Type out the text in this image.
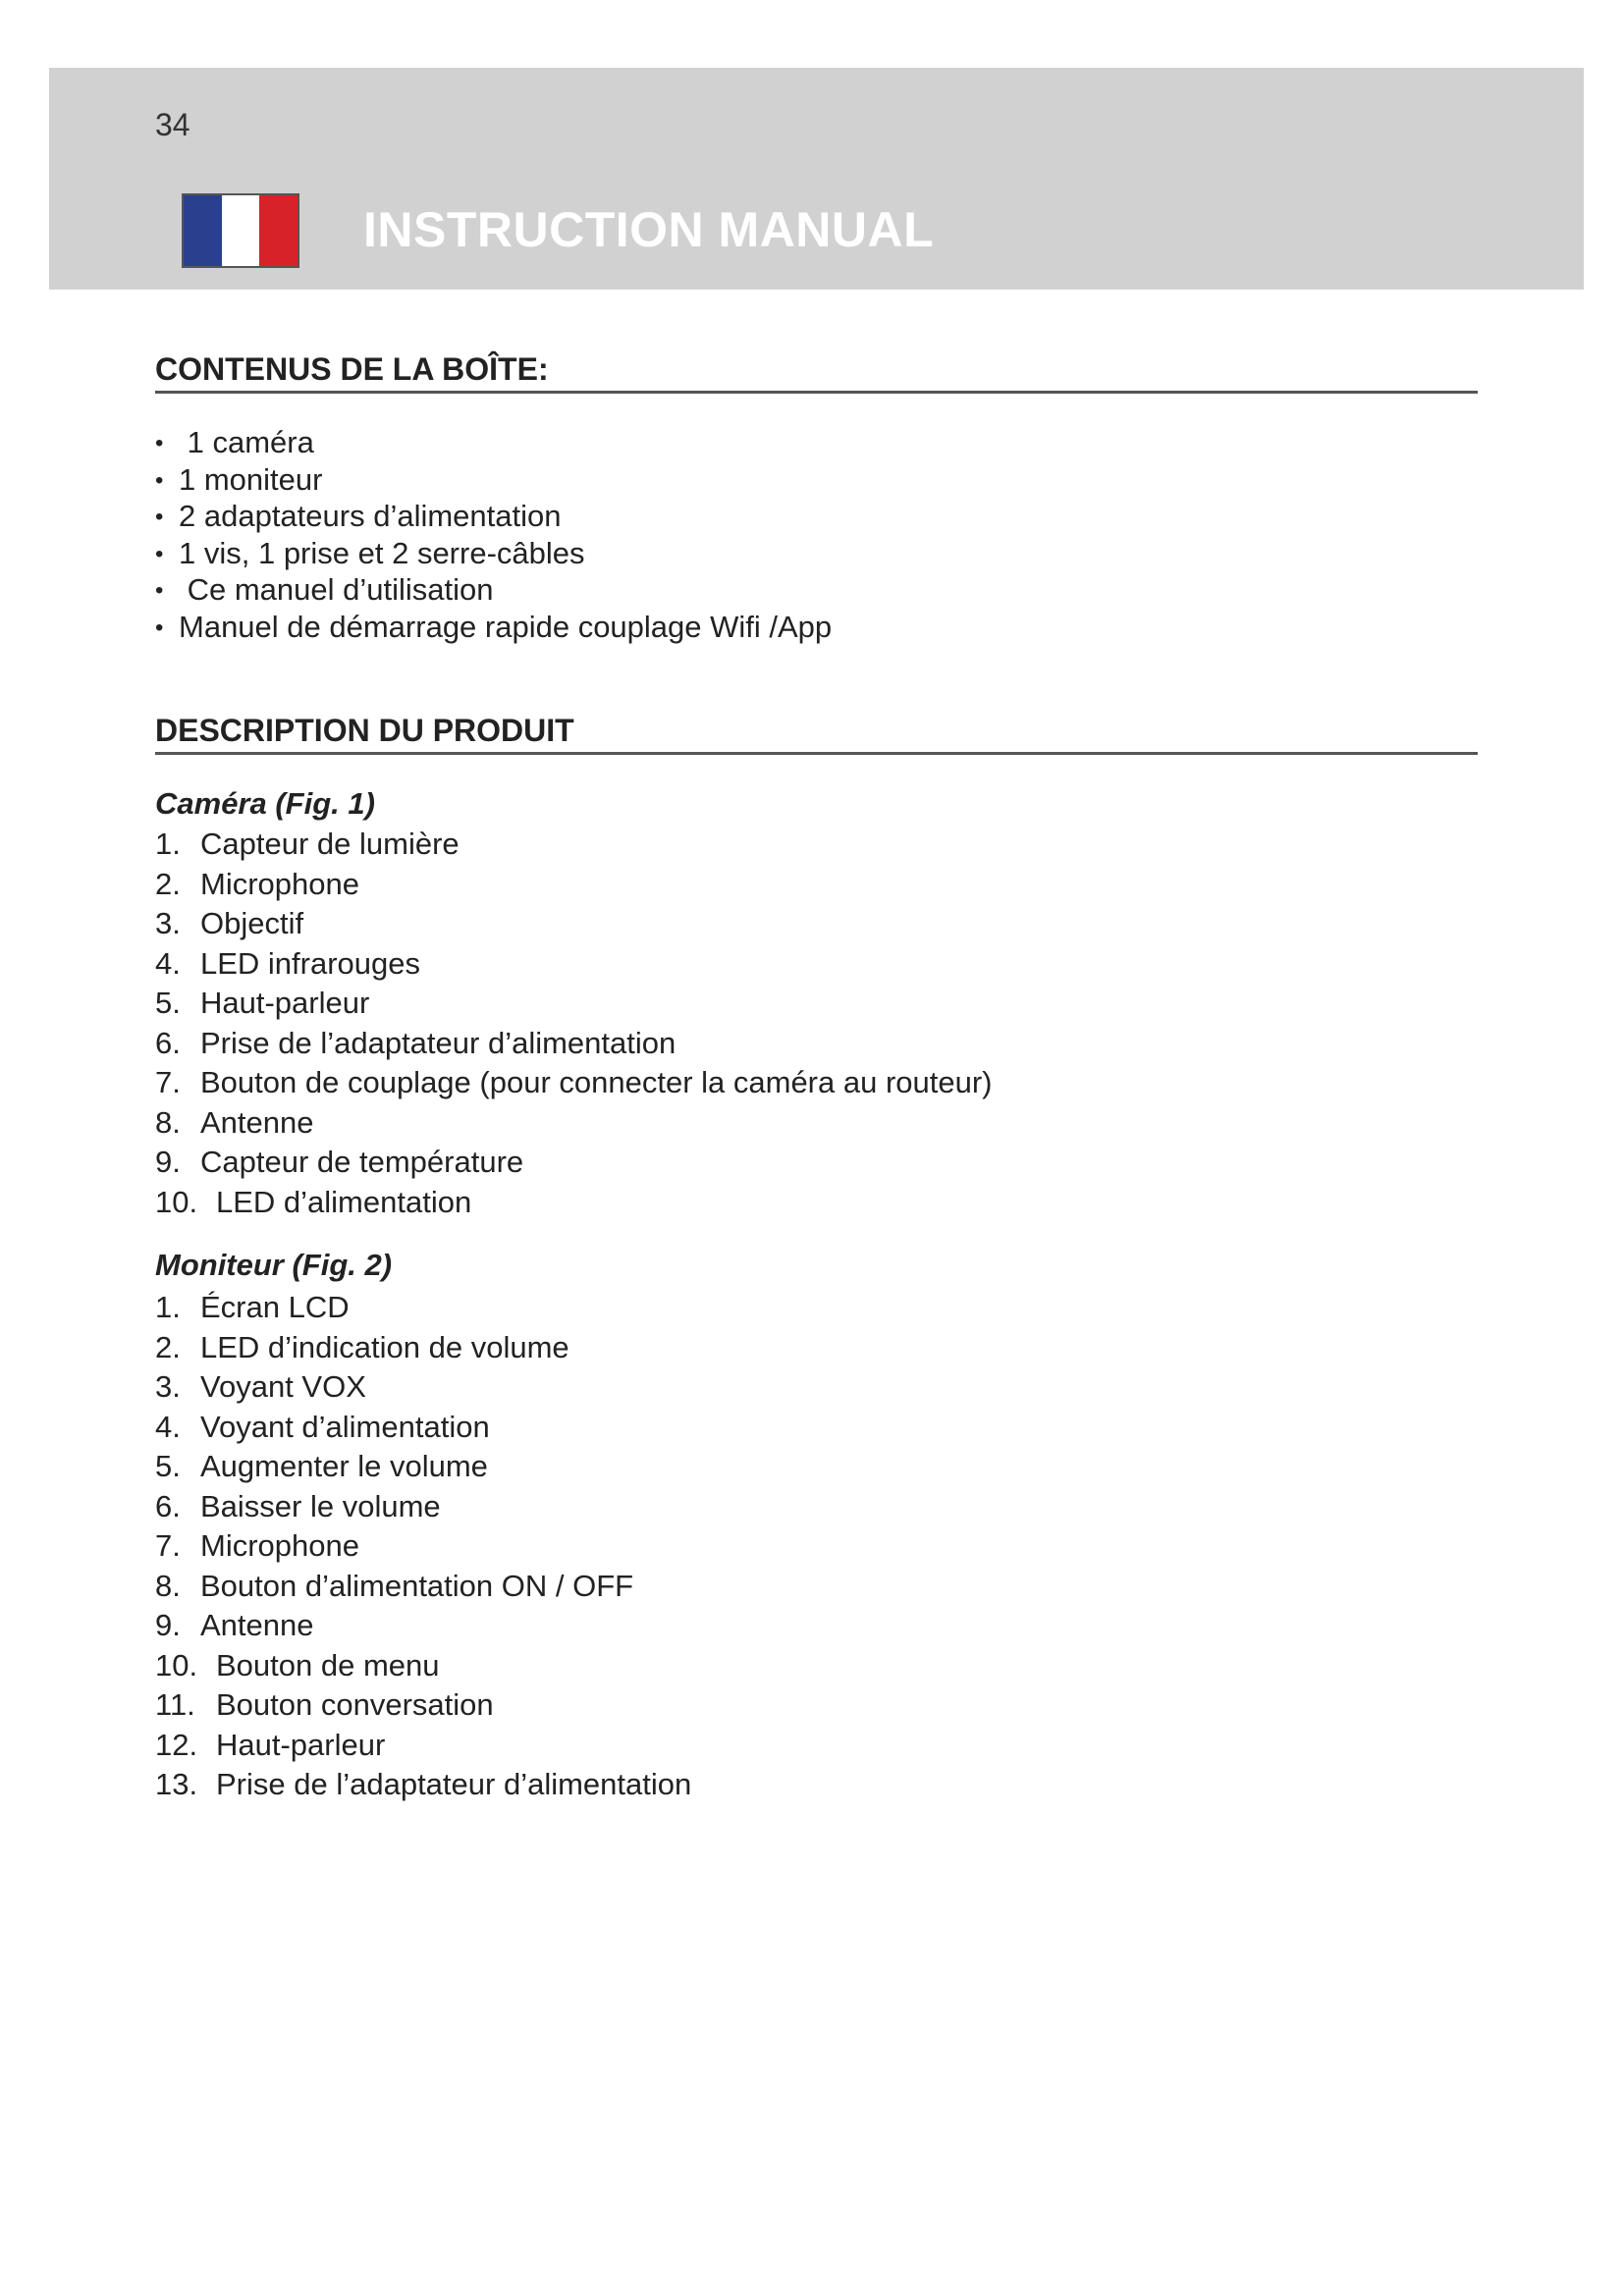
34
INSTRUCTION MANUAL
CONTENUS DE LA BOÎTE:
• 1 caméra
• 1 moniteur
• 2 adaptateurs d’alimentation
• 1 vis, 1 prise et 2 serre-câbles
• Ce manuel d’utilisation
• Manuel de démarrage rapide couplage Wifi /App
DESCRIPTION DU PRODUIT
Caméra (Fig. 1)
1. Capteur de lumière
2. Microphone
3. Objectif
4. LED infrarouges
5. Haut-parleur
6. Prise de l’adaptateur d’alimentation
7. Bouton de couplage (pour connecter la caméra au routeur)
8. Antenne
9. Capteur de température
10. LED d’alimentation
Moniteur (Fig. 2)
1. Écran LCD
2. LED d’indication de volume
3. Voyant VOX
4. Voyant d’alimentation
5. Augmenter le volume
6. Baisser le volume
7. Microphone
8. Bouton d’alimentation ON / OFF
9. Antenne
10. Bouton de menu
11. Bouton conversation
12. Haut-parleur
13. Prise de l’adaptateur d’alimentation
